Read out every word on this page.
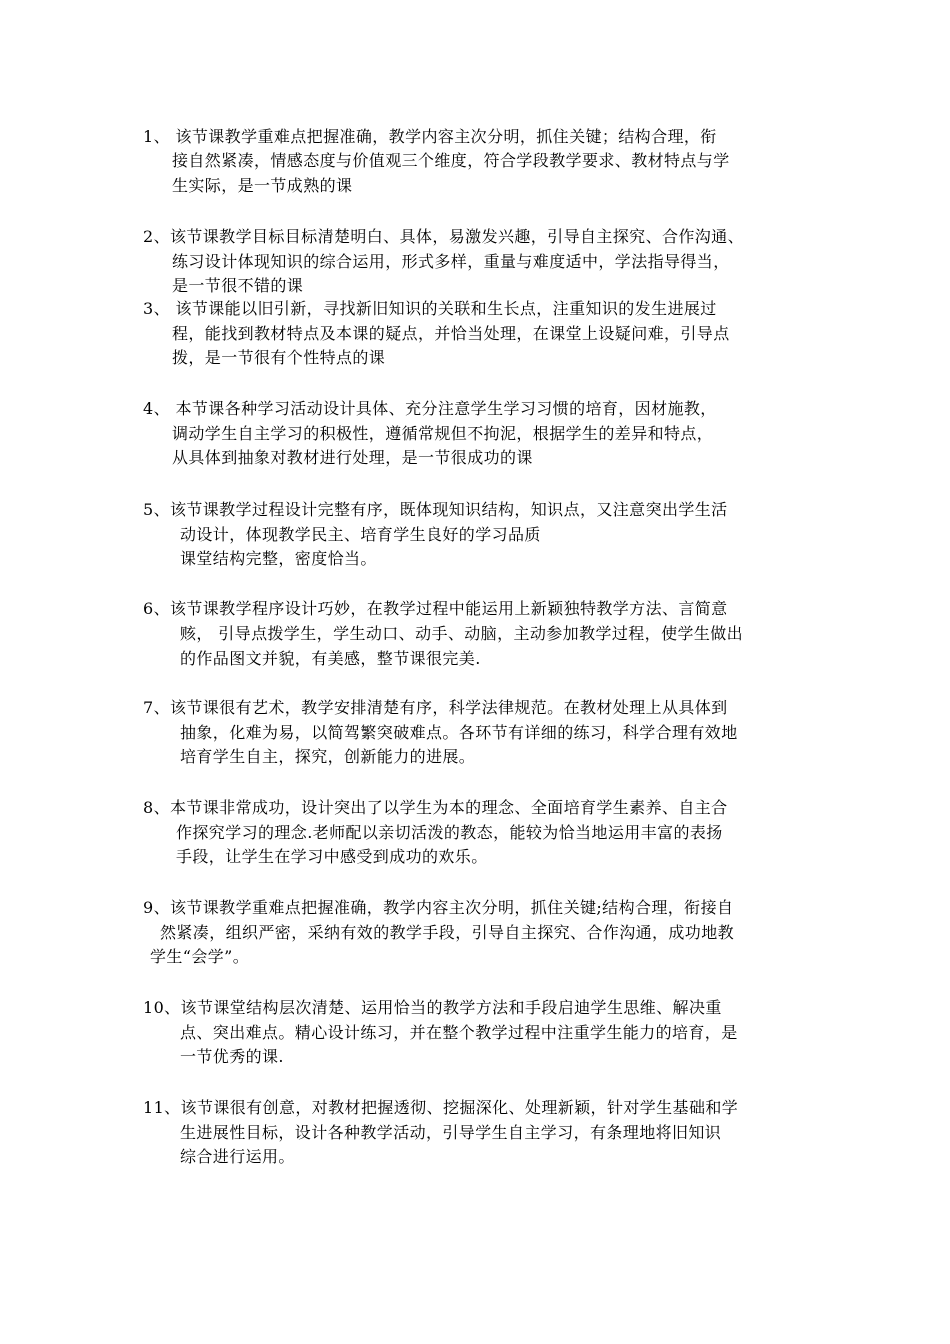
1、 该节课教学重难点把握准确，教学内容主次分明，抓住关键；结构合理，衔
接自然紧凑，情感态度与价值观三个维度，符合学段教学要求、教材特点与学
生实际，是一节成熟的课
2、该节课教学目标目标清楚明白、具体，易激发兴趣，引导自主探究、合作沟通、
练习设计体现知识的综合运用，形式多样，重量与难度适中，学法指导得当，
是一节很不错的课
3、 该节课能以旧引新，寻找新旧知识的关联和生长点，注重知识的发生进展过
程，能找到教材特点及本课的疑点，并恰当处理，在课堂上设疑问难，引导点
拨，是一节很有个性特点的课
4、 本节课各种学习活动设计具体、充分注意学生学习习惯的培育，因材施教，
调动学生自主学习的积极性，遵循常规但不拘泥，根据学生的差异和特点，
从具体到抽象对教材进行处理，是一节很成功的课
5、该节课教学过程设计完整有序，既体现知识结构，知识点，又注意突出学生活
动设计，体现教学民主、培育学生良好的学习品质
课堂结构完整，密度恰当。
6、该节课教学程序设计巧妙，在教学过程中能运用上新颖独特教学方法、言简意
赅， 引导点拨学生，学生动口、动手、动脑，主动参加教学过程，使学生做出
的作品图文并貌，有美感，整节课很完美.
7、该节课很有艺术，教学安排清楚有序，科学法律规范。在教材处理上从具体到
抽象，化难为易，以简驾繁突破难点。各环节有详细的练习，科学合理有效地
培育学生自主，探究，创新能力的进展。
8、本节课非常成功，设计突出了以学生为本的理念、全面培育学生素养、自主合
作探究学习的理念.老师配以亲切活泼的教态，能较为恰当地运用丰富的表扬
手段，让学生在学习中感受到成功的欢乐。
9、该节课教学重难点把握准确，教学内容主次分明，抓住关键;结构合理，衔接自
然紧凑，组织严密，采纳有效的教学手段，引导自主探究、合作沟通，成功地教
学生“会学”。
10、该节课堂结构层次清楚、运用恰当的教学方法和手段启迪学生思维、解决重
点、突出难点。精心设计练习，并在整个教学过程中注重学生能力的培育，是
一节优秀的课.
11、该节课很有创意，对教材把握透彻、挖掘深化、处理新颖，针对学生基础和学
生进展性目标，设计各种教学活动，引导学生自主学习，有条理地将旧知识
综合进行运用。
